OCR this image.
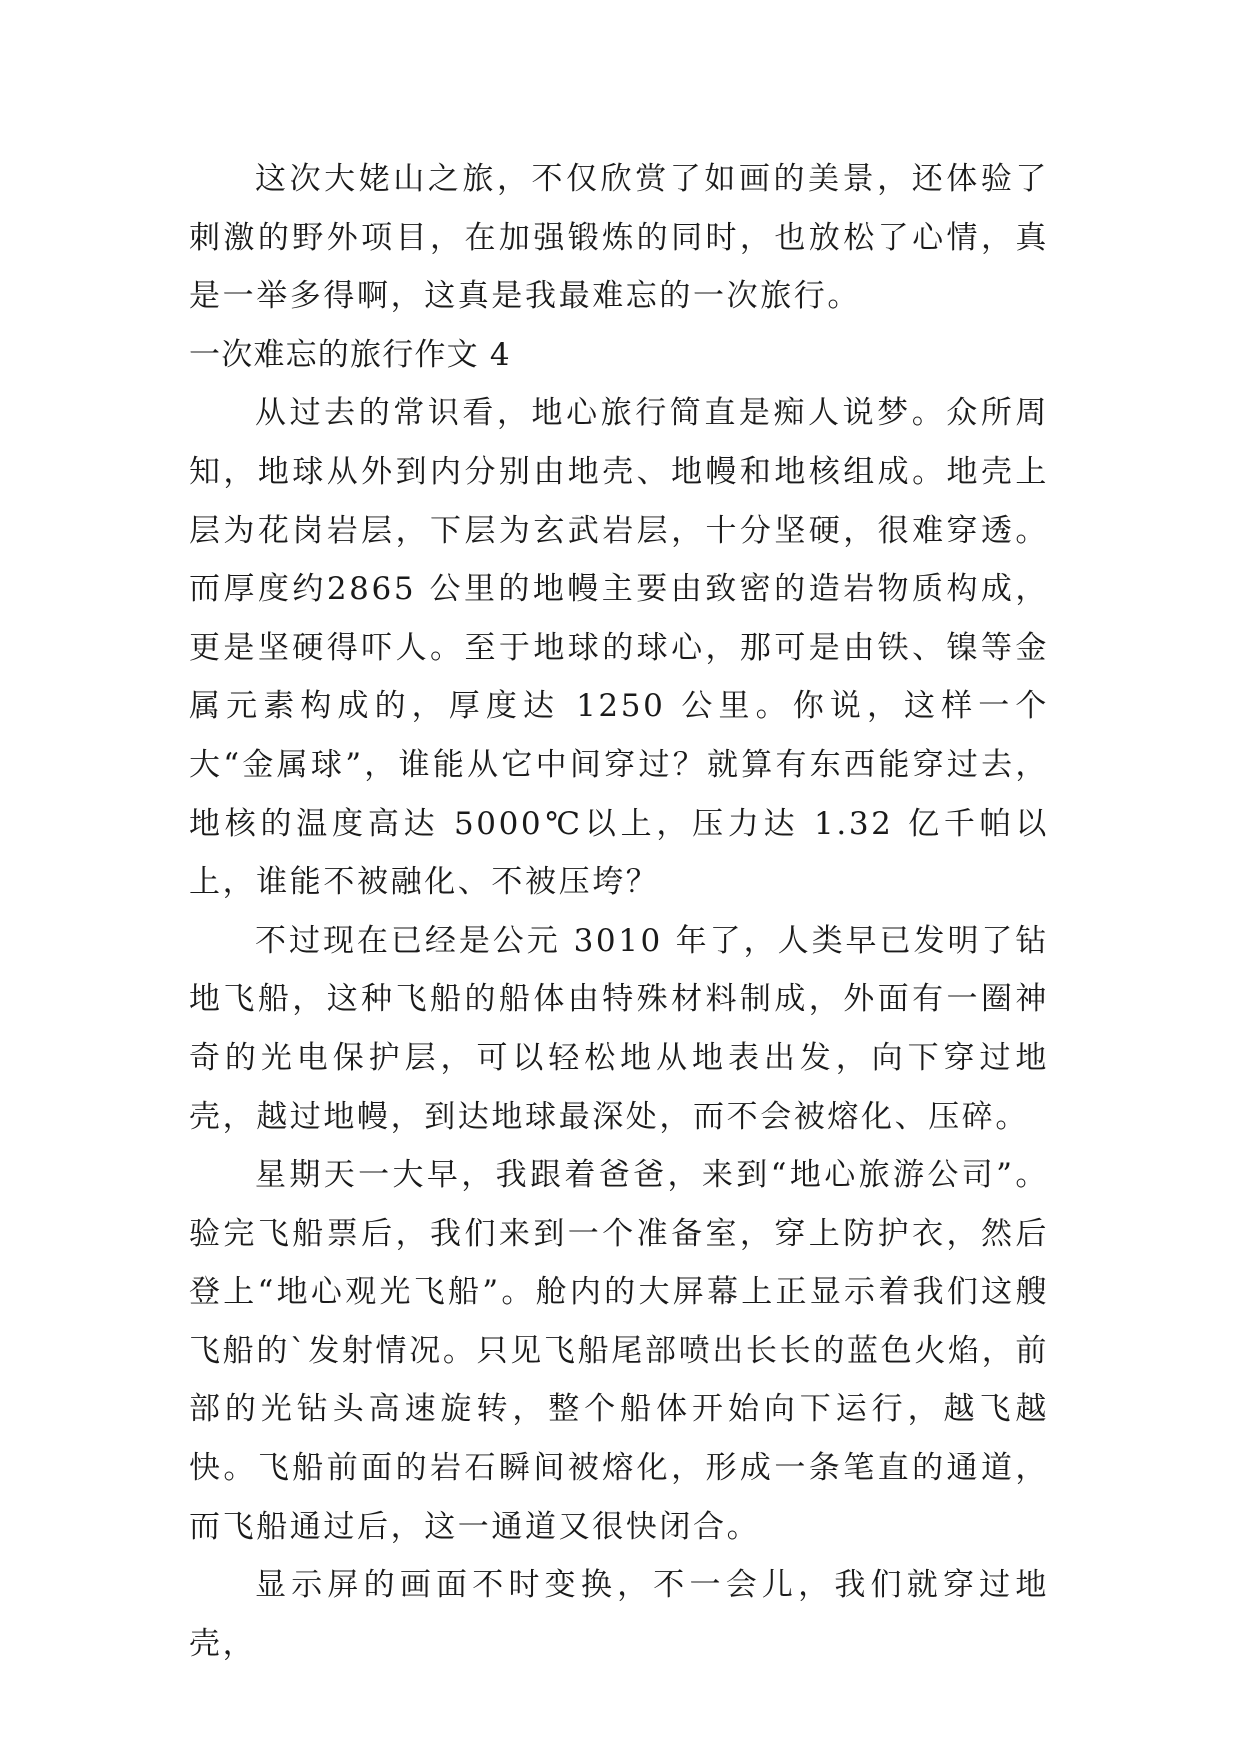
这次大姥山之旅，不仅欣赏了如画的美景，还体验了刺激的野外项目，在加强锻炼的同时，也放松了心情，真是一举多得啊，这真是我最难忘的一次旅行。

一次难忘的旅行作文 4

从过去的常识看，地心旅行简直是痴人说梦。众所周知，地球从外到内分别由地壳、地幔和地核组成。地壳上层为花岗岩层，下层为玄武岩层，十分坚硬，很难穿透。而厚度约2865 公里的地幔主要由致密的造岩物质构成，更是坚硬得吓人。至于地球的球心，那可是由铁、镍等金属元素构成的，厚度达 1250 公里。你说，这样一个大“金属球”，谁能从它中间穿过？就算有东西能穿过去，地核的温度高达 5000℃以上，压力达 1.32 亿千帕以上，谁能不被融化、不被压垮？

不过现在已经是公元 3010 年了，人类早已发明了钻地飞船，这种飞船的船体由特殊材料制成，外面有一圈神奇的光电保护层，可以轻松地从地表出发，向下穿过地壳，越过地幔，到达地球最深处，而不会被熔化、压碎。

星期天一大早，我跟着爸爸，来到“地心旅游公司”。验完飞船票后，我们来到一个准备室，穿上防护衣，然后登上“地心观光飞船”。舱内的大屏幕上正显示着我们这艘飞船的`发射情况。只见飞船尾部喷出长长的蓝色火焰，前部的光钻头高速旋转，整个船体开始向下运行，越飞越快。飞船前面的岩石瞬间被熔化，形成一条笔直的通道，而飞船通过后，这一通道又很快闭合。

显示屏的画面不时变换，不一会儿，我们就穿过地壳，
